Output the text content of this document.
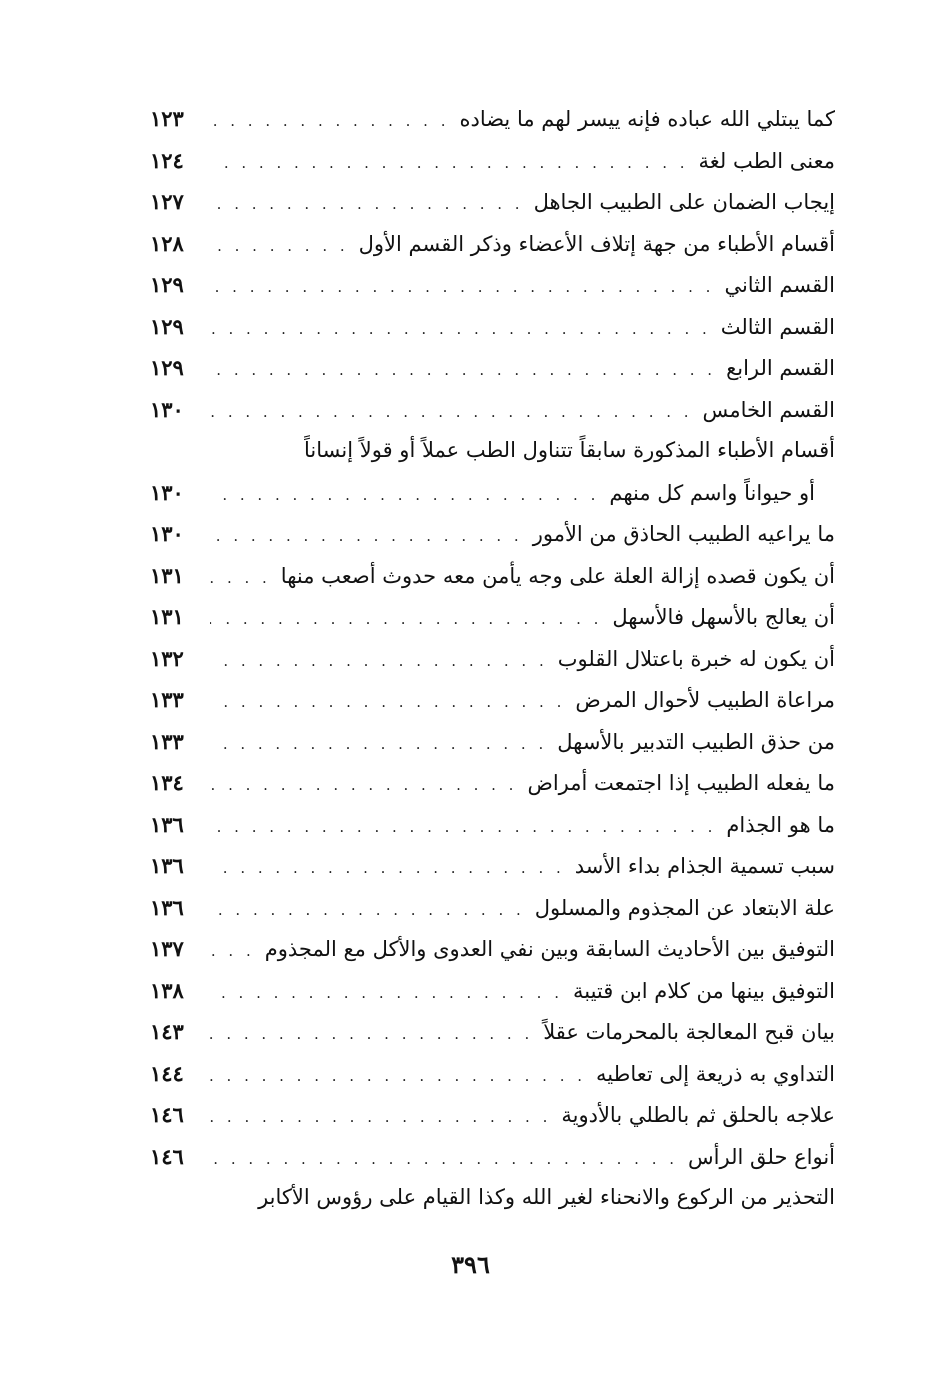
كما يبتلي الله عباده فإنه ييسر لهم ما يضاده
. . .
١٢٣
معنى الطب لغة
. . .
١٢٤
إيجاب الضمان على الطبيب الجاهل
. . .
١٢٧
أقسام الأطباء من جهة إتلاف الأعضاء وذكر القسم الأول
. . .
١٢٨
القسم الثاني
. . .
١٢٩
القسم الثالث
. . .
١٢٩
القسم الرابع
. . .
١٢٩
القسم الخامس
. . .
١٣٠
أقسام الأطباء المذكورة سابقاً تتناول الطب عملاً أو قولاً إنساناً
أو حيواناً واسم كل منهم
. . .
١٣٠
ما يراعيه الطبيب الحاذق من الأمور
. . .
١٣٠
أن يكون قصده إزالة العلة على وجه يأمن معه حدوث أصعب منها
. . .
١٣١
أن يعالج بالأسهل فالأسهل
. . .
١٣١
أن يكون له خبرة باعتلال القلوب
. . .
١٣٢
مراعاة الطبيب لأحوال المرض
. . .
١٣٣
من حذق الطبيب التدبير بالأسهل
. . .
١٣٣
ما يفعله الطبيب إذا اجتمعت أمراض
. . .
١٣٤
ما هو الجذام
. . .
١٣٦
سبب تسمية الجذام بداء الأسد
. . .
١٣٦
علة الابتعاد عن المجذوم والمسلول
. . .
١٣٦
التوفيق بين الأحاديث السابقة وبين نفي العدوى والأكل مع المجذوم
. . .
١٣٧
التوفيق بينها من كلام ابن قتيبة
. . .
١٣٨
بيان قبح المعالجة بالمحرمات عقلاً
. . .
١٤٣
التداوي به ذريعة إلى تعاطيه
. . .
١٤٤
علاجه بالحلق ثم بالطلي بالأدوية
. . .
١٤٦
أنواع حلق الرأس
. . .
١٤٦
التحذير من الركوع والانحناء لغير الله وكذا القيام على رؤوس الأكابر
٣٩٦
